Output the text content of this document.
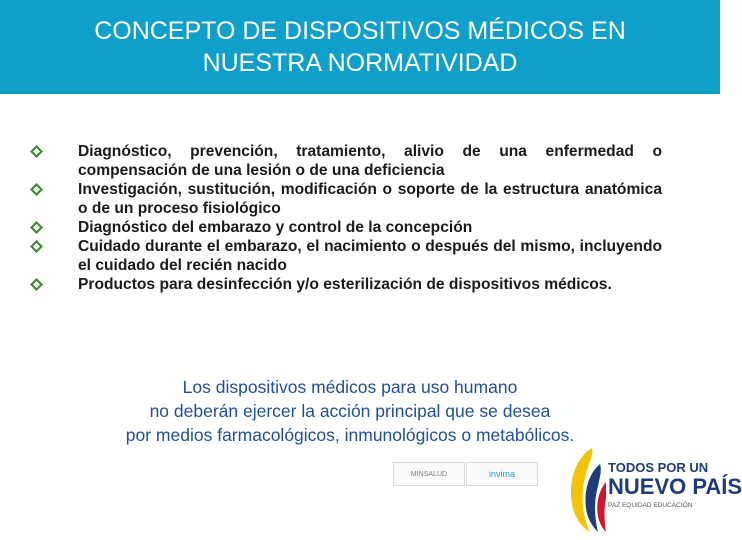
CONCEPTO DE DISPOSITIVOS MÉDICOS EN NUESTRA NORMATIVIDAD
Diagnóstico, prevención, tratamiento, alivio de una enfermedad o compensación de una lesión o de una deficiencia
Investigación, sustitución, modificación o soporte de la estructura anatómica o de un proceso fisiológico
Diagnóstico del embarazo y control de la concepción
Cuidado durante el embarazo, el nacimiento o después del mismo, incluyendo el cuidado del recién nacido
Productos para desinfección y/o esterilización de dispositivos médicos.
Los dispositivos médicos para uso humano
no deberán ejercer la acción principal que se desea
por medios farmacológicos, inmunológicos o metabólicos.
MINSALUD	invima	TODOS POR UN
NUEVO PAÍS
PAZ EQUIDAD EDUCACIÓN
